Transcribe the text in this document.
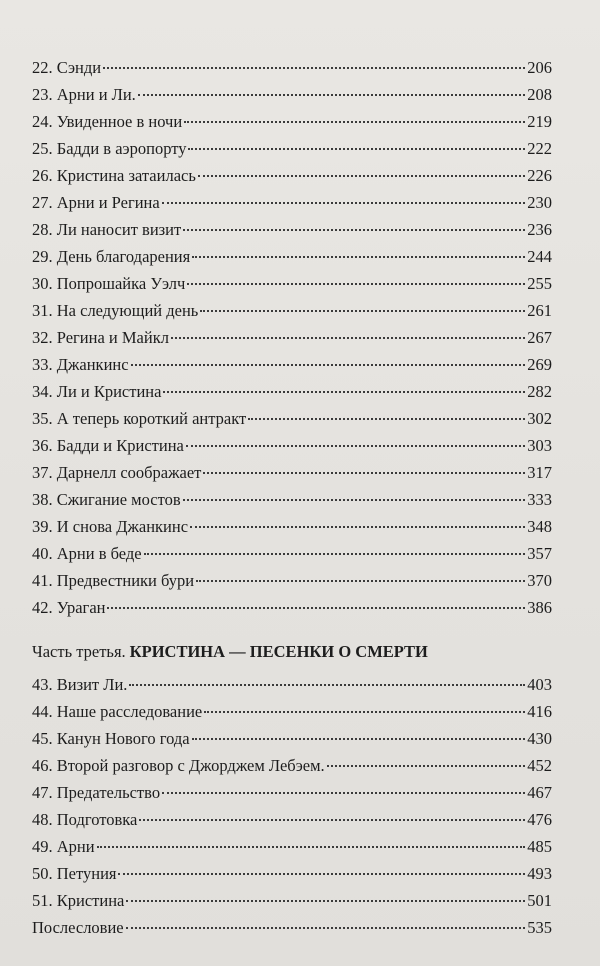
22. Сэнди	206
23. Арни и Ли.	208
24. Увиденное в ночи	219
25. Бадди в аэропорту	222
26. Кристина затаилась	226
27. Арни и Регина	230
28. Ли наносит визит	236
29. День благодарения	244
30. Попрошайка Уэлч	255
31. На следующий день	261
32. Регина и Майкл	267
33. Джанкинс	269
34. Ли и Кристина	282
35. А теперь короткий антракт	302
36. Бадди и Кристина	303
37. Дарнелл соображает	317
38. Сжигание мостов	333
39. И снова Джанкинс	348
40. Арни в беде	357
41. Предвестники бури	370
42. Ураган	386
Часть третья. КРИСТИНА — ПЕСЕНКИ О СМЕРТИ
43. Визит Ли.	403
44. Наше расследование	416
45. Канун Нового года	430
46. Второй разговор с Джорджем Лебэем.	452
47. Предательство	467
48. Подготовка	476
49. Арни	485
50. Петуния	493
51. Кристина	501
Послесловие	535
